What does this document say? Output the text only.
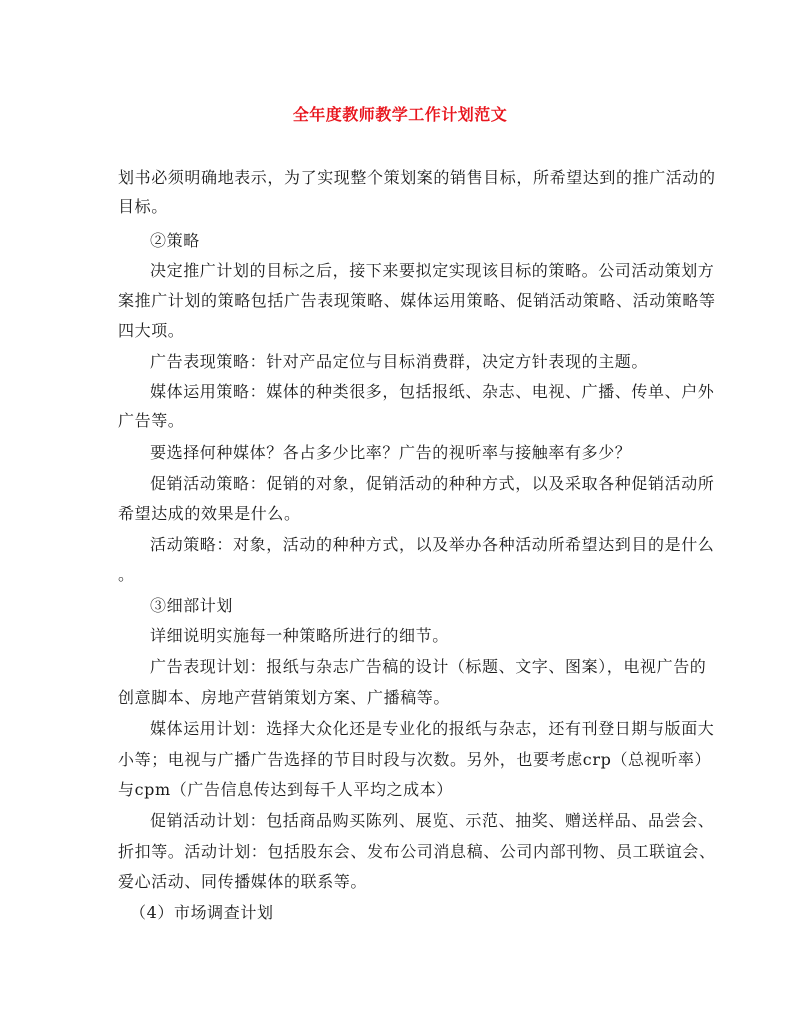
全年度教师教学工作计划范文

划书必须明确地表示，为了实现整个策划案的销售目标，所希望达到的推广活动的

目标。

②策略

决定推广计划的目标之后，接下来要拟定实现该目标的策略。公司活动策划方

案推广计划的策略包括广告表现策略、媒体运用策略、促销活动策略、活动策略等

四大项。

广告表现策略：针对产品定位与目标消费群，决定方针表现的主题。

媒体运用策略：媒体的种类很多，包括报纸、杂志、电视、广播、传单、户外

广告等。

要选择何种媒体？各占多少比率？广告的视听率与接触率有多少？

促销活动策略：促销的对象，促销活动的种种方式，以及采取各种促销活动所

希望达成的效果是什么。

活动策略：对象，活动的种种方式，以及举办各种活动所希望达到目的是什么

。

③细部计划

详细说明实施每一种策略所进行的细节。

广告表现计划：报纸与杂志广告稿的设计（标题、文字、图案），电视广告的

创意脚本、房地产营销策划方案、广播稿等。

媒体运用计划：选择大众化还是专业化的报纸与杂志，还有刊登日期与版面大

小等；电视与广播广告选择的节目时段与次数。另外，也要考虑crp（总视听率）

与cpm（广告信息传达到每千人平均之成本）

促销活动计划：包括商品购买陈列、展览、示范、抽奖、赠送样品、品尝会、

折扣等。活动计划：包括股东会、发布公司消息稿、公司内部刊物、员工联谊会、

爱心活动、同传播媒体的联系等。

（4）市场调查计划
